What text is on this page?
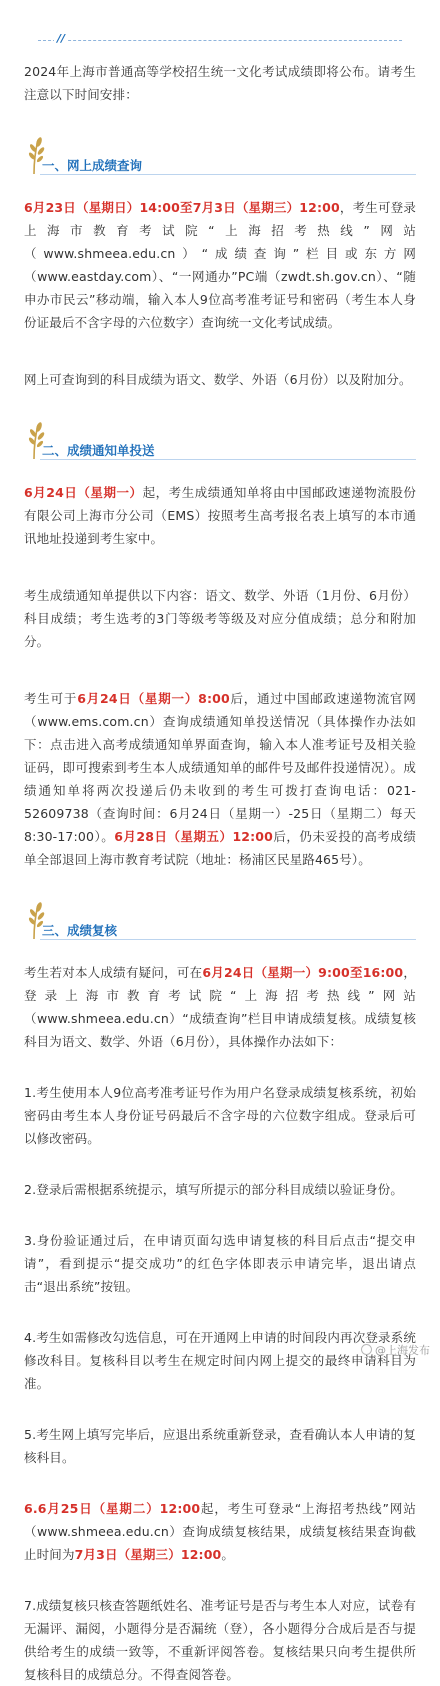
//

2024年上海市普通高等学校招生统一文化考试成绩即将公布。请考生注意以下时间安排：

一、网上成绩查询

6月23日（星期日）14:00至7月3日（星期三）12:00，考生可登录上海市教育考试院“上海招考热线”网站（www.shmeea.edu.cn）“成绩查询”栏目或东方网（www.eastday.com）、“一网通办”PC端（zwdt.sh.gov.cn）、“随申办市民云”移动端，输入本人9位高考准考证号和密码（考生本人身份证最后不含字母的六位数字）查询统一文化考试成绩。

网上可查询到的科目成绩为语文、数学、外语（6月份）以及附加分。

二、成绩通知单投送

6月24日（星期一）起，考生成绩通知单将由中国邮政速递物流股份有限公司上海市分公司（EMS）按照考生高考报名表上填写的本市通讯地址投递到考生家中。

考生成绩通知单提供以下内容：语文、数学、外语（1月份、6月份）科目成绩；考生选考的3门等级考等级及对应分值成绩；总分和附加分。

考生可于6月24日（星期一）8:00后，通过中国邮政速递物流官网（www.ems.com.cn）查询成绩通知单投送情况（具体操作办法如下：点击进入高考成绩通知单界面查询，输入本人准考证号及相关验证码，即可搜索到考生本人成绩通知单的邮件号及邮件投递情况）。成绩通知单将两次投递后仍未收到的考生可拨打查询电话：021-52609738（查询时间：6月24日（星期一）-25日（星期二）每天8:30-17:00）。6月28日（星期五）12:00后，仍未妥投的高考成绩单全部退回上海市教育考试院（地址：杨浦区民星路465号）。

三、成绩复核

考生若对本人成绩有疑问，可在6月24日（星期一）9:00至16:00，登录上海市教育考试院“上海招考热线”网站（www.shmeea.edu.cn）“成绩查询”栏目申请成绩复核。成绩复核科目为语文、数学、外语（6月份），具体操作办法如下：

1.考生使用本人9位高考准考证号作为用户名登录成绩复核系统，初始密码由考生本人身份证号码最后不含字母的六位数字组成。登录后可以修改密码。

2.登录后需根据系统提示，填写所提示的部分科目成绩以验证身份。

3.身份验证通过后，在申请页面勾选申请复核的科目后点击“提交申请”，看到提示“提交成功”的红色字体即表示申请完毕，退出请点击“退出系统”按钮。

4.考生如需修改勾选信息，可在开通网上申请的时间段内再次登录系统修改科目。复核科目以考生在规定时间内网上提交的最终申请科目为准。

5.考生网上填写完毕后，应退出系统重新登录，查看确认本人申请的复核科目。

6.6月25日（星期二）12:00起，考生可登录“上海招考热线”网站（www.shmeea.edu.cn）查询成绩复核结果，成绩复核结果查询截止时间为7月3日（星期三）12:00。

7.成绩复核只核查答题纸姓名、准考证号是否与考生本人对应，试卷有无漏评、漏阅，小题得分是否漏统（登），各小题得分合成后是否与提供给考生的成绩一致等，不重新评阅答卷。复核结果只向考生提供所复核科目的成绩总分。不得查阅答卷。

@上海发布
